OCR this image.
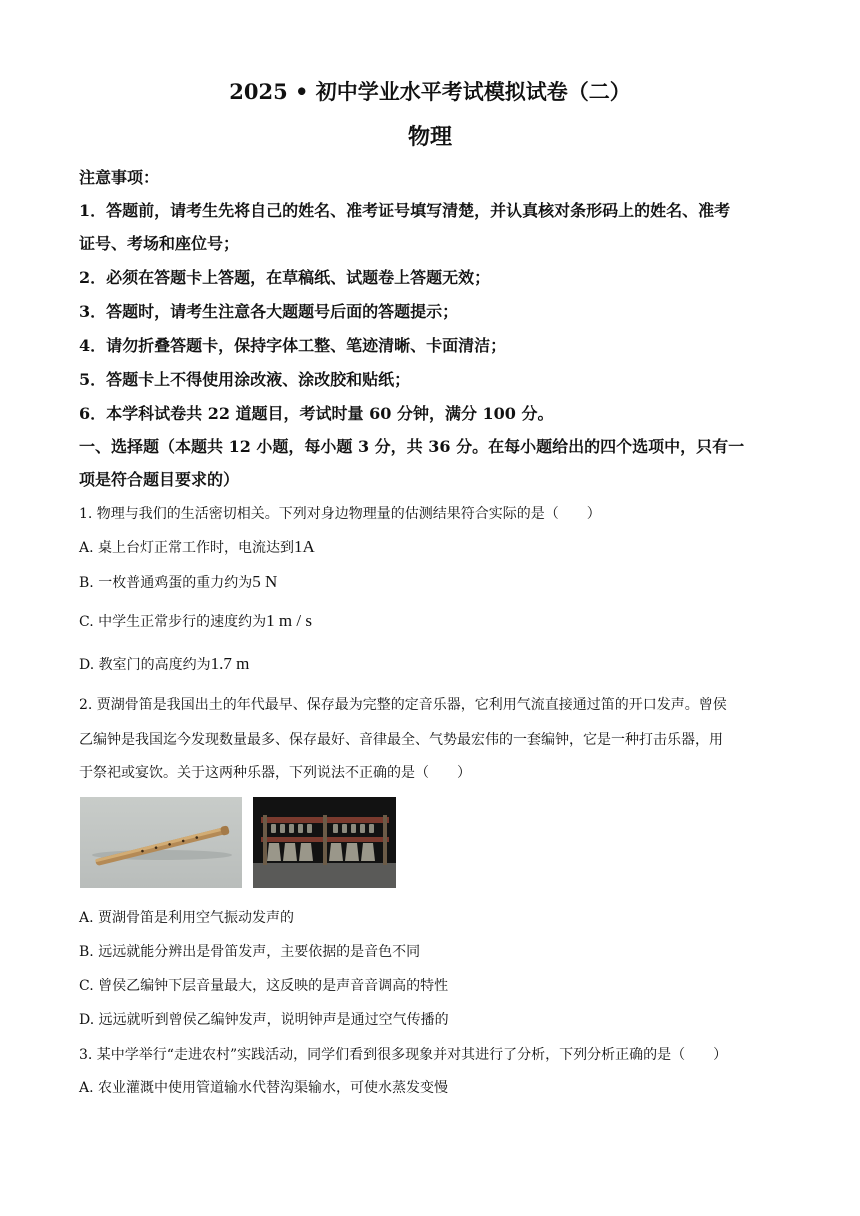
2025 • 初中学业水平考试模拟试卷（二）
物理
注意事项：
1．答题前，请考生先将自己的姓名、准考证号填写清楚，并认真核对条形码上的姓名、准考
证号、考场和座位号；
2．必须在答题卡上答题，在草稿纸、试题卷上答题无效；
3．答题时，请考生注意各大题题号后面的答题提示；
4．请勿折叠答题卡，保持字体工整、笔迹清晰、卡面清洁；
5．答题卡上不得使用涂改液、涂改胶和贴纸；
6．本学科试卷共 22 道题目，考试时量 60 分钟，满分 100 分。
一、选择题（本题共 12 小题，每小题 3 分，共 36 分。在每小题给出的四个选项中，只有一
项是符合题目要求的）
1. 物理与我们的生活密切相关。下列对身边物理量的估测结果符合实际的是（　　）
A. 桌上台灯正常工作时，电流达到1A
B. 一枚普通鸡蛋的重力约为5 N
C. 中学生正常步行的速度约为1 m / s
D. 教室门的高度约为1.7 m
2. 贾湖骨笛是我国出土的年代最早、保存最为完整的定音乐器，它利用气流直接通过笛的开口发声。曾侯
乙编钟是我国迄今发现数量最多、保存最好、音律最全、气势最宏伟的一套编钟，它是一种打击乐器，用
于祭祀或宴饮。关于这两种乐器，下列说法不正确的是（　　）
A. 贾湖骨笛是利用空气振动发声的
B. 远远就能分辨出是骨笛发声，主要依据的是音色不同
C. 曾侯乙编钟下层音量最大，这反映的是声音音调高的特性
D. 远远就听到曾侯乙编钟发声，说明钟声是通过空气传播的
3. 某中学举行“走进农村”实践活动，同学们看到很多现象并对其进行了分析，下列分析正确的是（　　）
A. 农业灌溉中使用管道输水代替沟渠输水，可使水蒸发变慢
